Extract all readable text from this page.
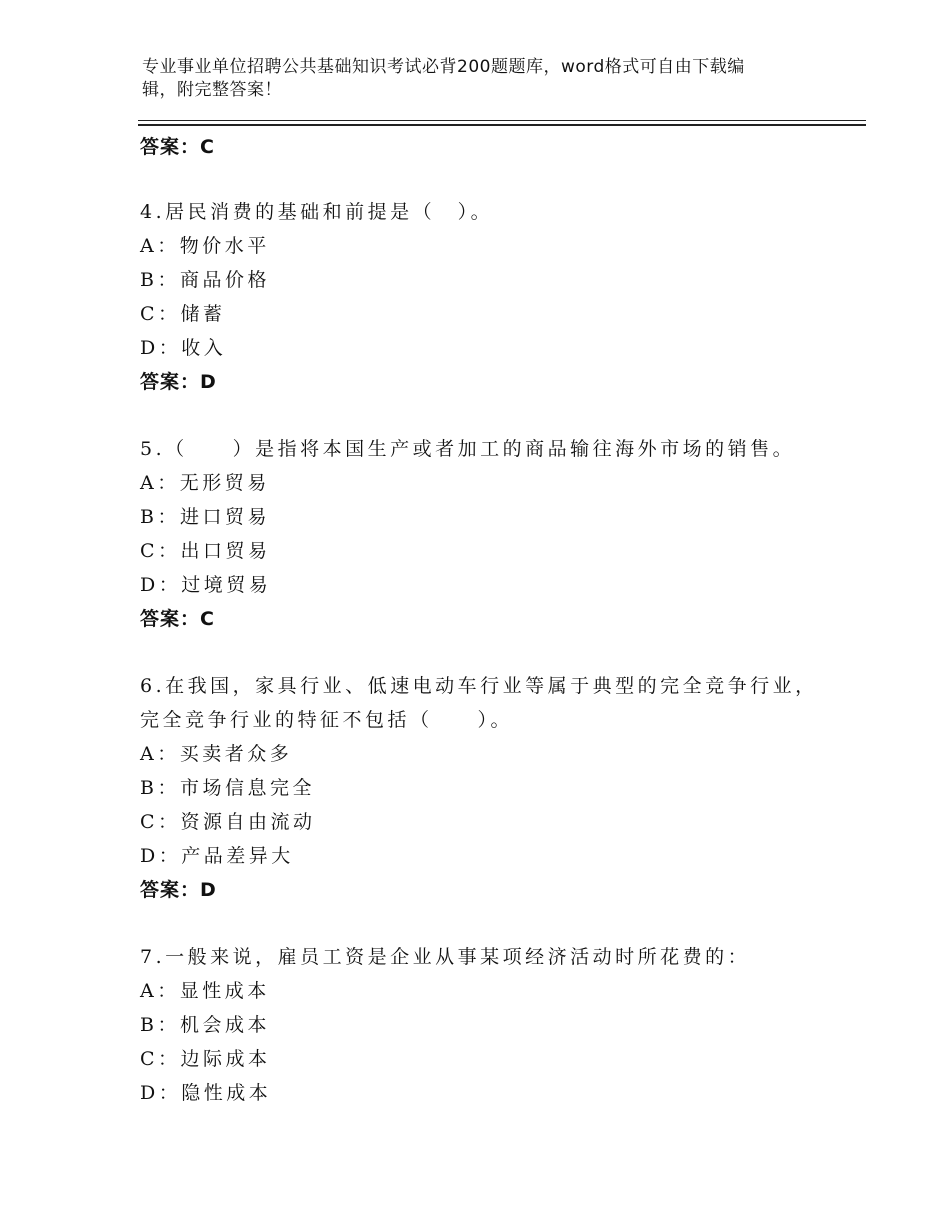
专业事业单位招聘公共基础知识考试必背200题题库，word格式可自由下载编
辑，附完整答案！
答案：C
4.居民消费的基础和前提是（　）。
A：物价水平
B：商品价格
C：储蓄
D：收入
答案：D
5.（　　）是指将本国生产或者加工的商品输往海外市场的销售。
A：无形贸易
B：进口贸易
C：出口贸易
D：过境贸易
答案：C
6.在我国，家具行业、低速电动车行业等属于典型的完全竞争行业，
完全竞争行业的特征不包括（　　）。
A：买卖者众多
B：市场信息完全
C：资源自由流动
D：产品差异大
答案：D
7.一般来说，雇员工资是企业从事某项经济活动时所花费的：
A：显性成本
B：机会成本
C：边际成本
D：隐性成本
